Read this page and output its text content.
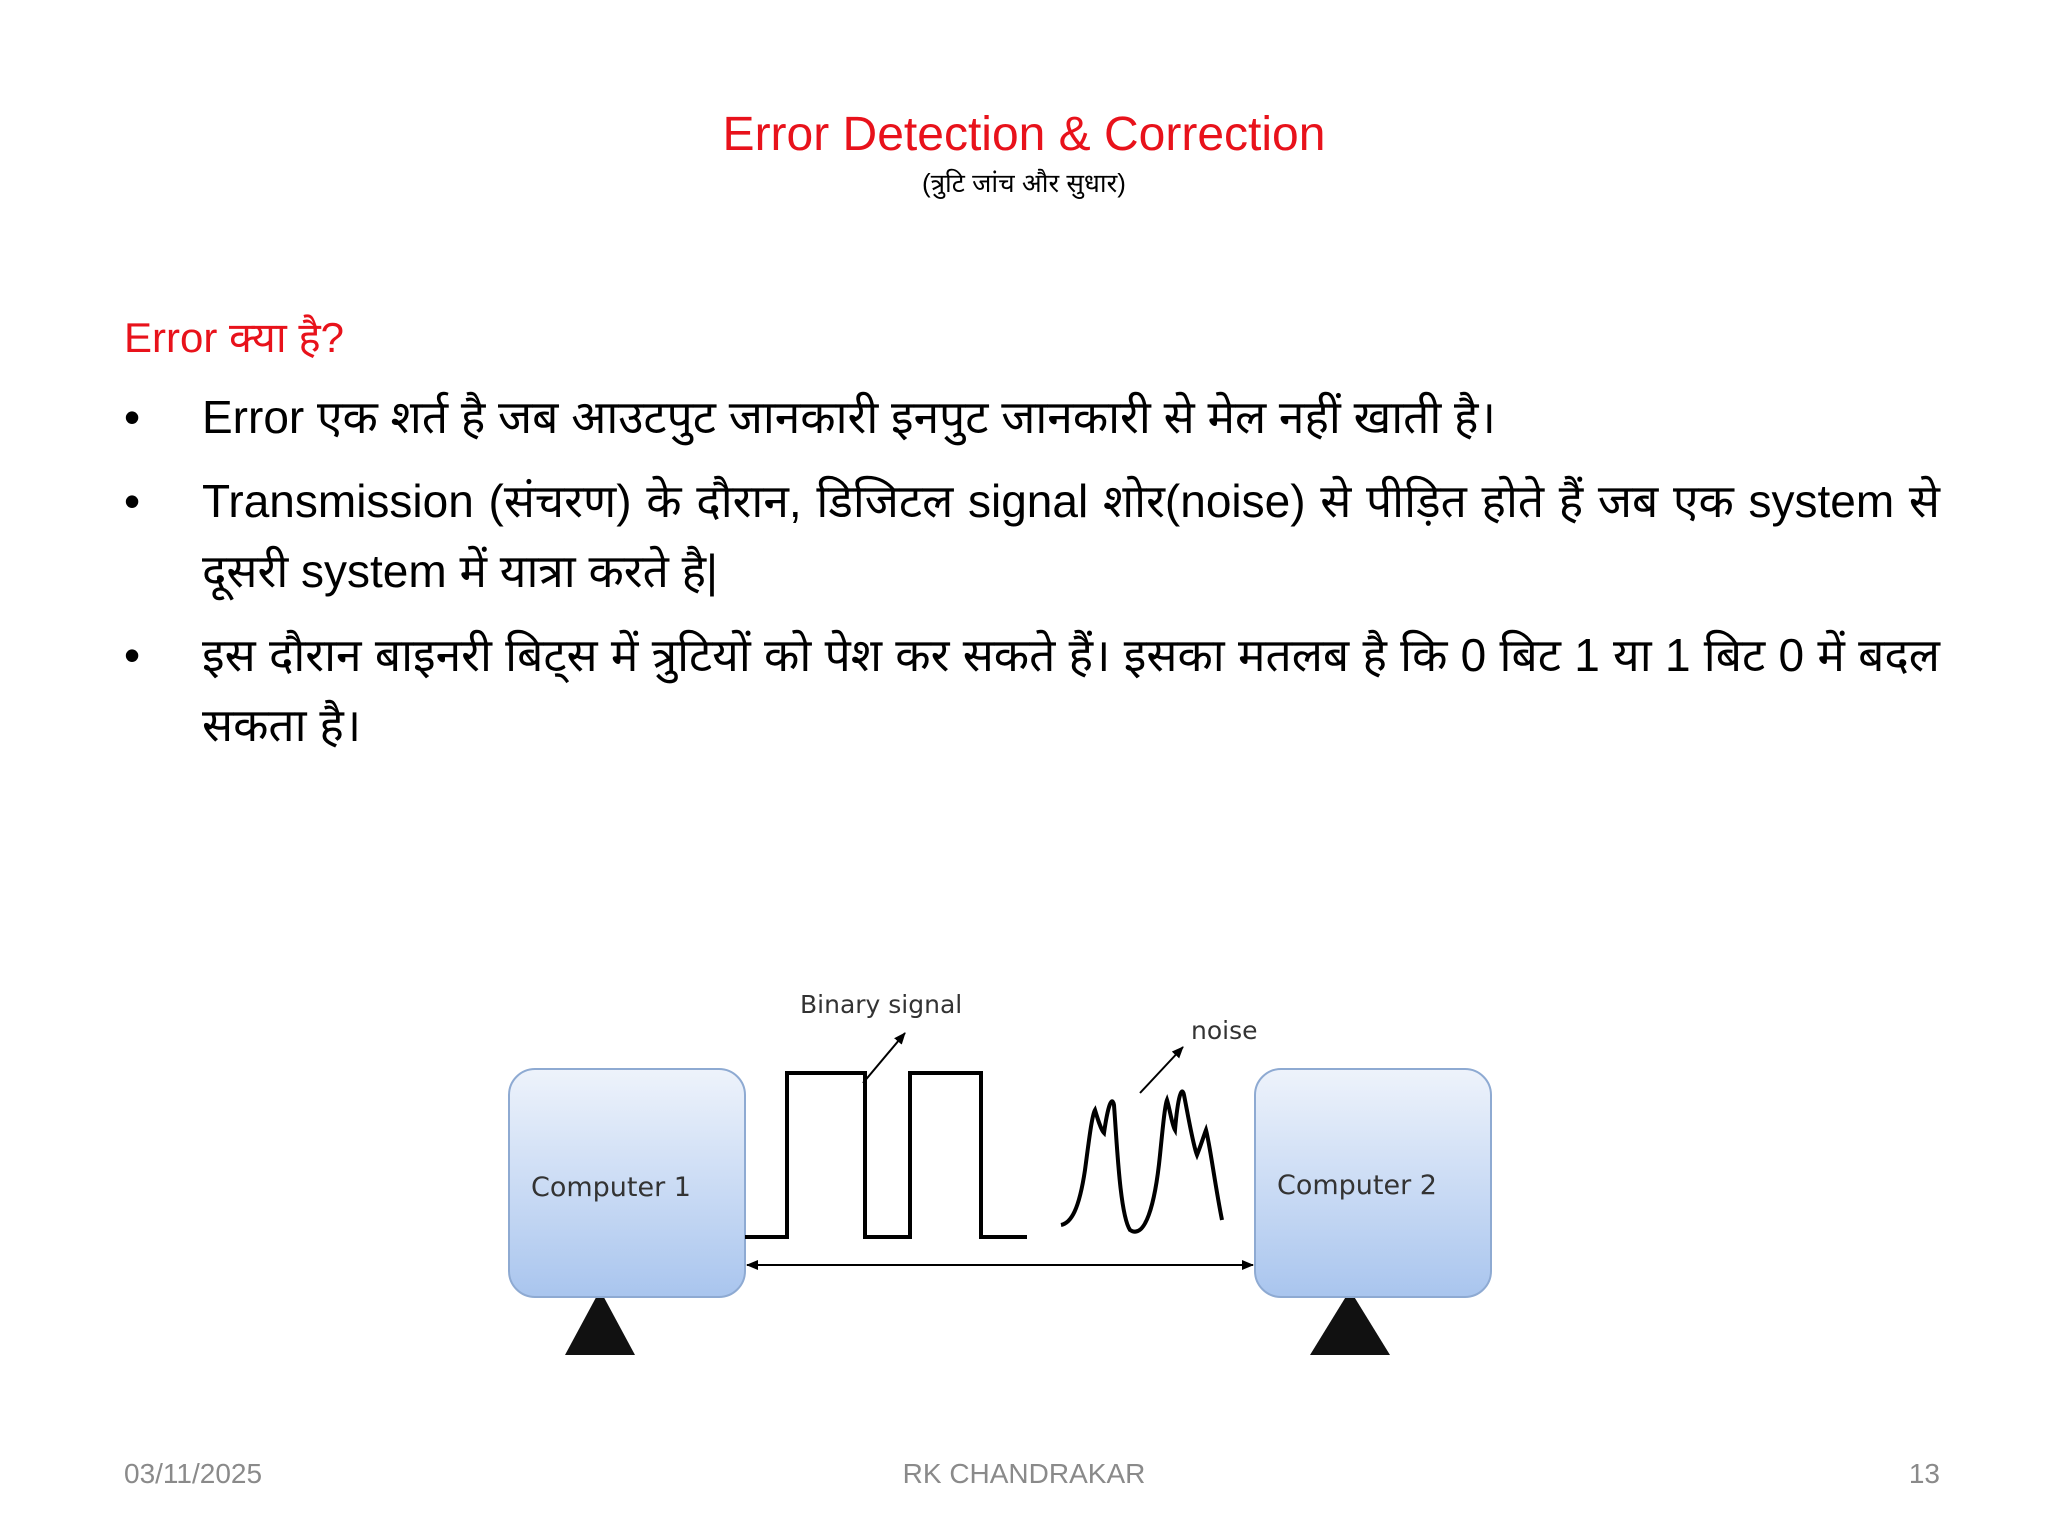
Error Detection & Correction
(त्रुटि जांच और सुधार)
Error क्या है?
• Error एक शर्त है जब आउटपुट जानकारी इनपुट जानकारी से मेल नहीं खाती है।
• Transmission (संचरण) के दौरान, डिजिटल signal शोर(noise) से पीड़ित होते हैं जब एक system से दूसरी system में यात्रा करते है|
• इस दौरान बाइनरी बिट्स में त्रुटियों को पेश कर सकते हैं। इसका मतलब है कि 0 बिट 1 या 1 बिट 0 में बदल सकता है।
Computer 1	Computer 2
Binary signal
noise
03/11/2025	RK CHANDRAKAR	13
